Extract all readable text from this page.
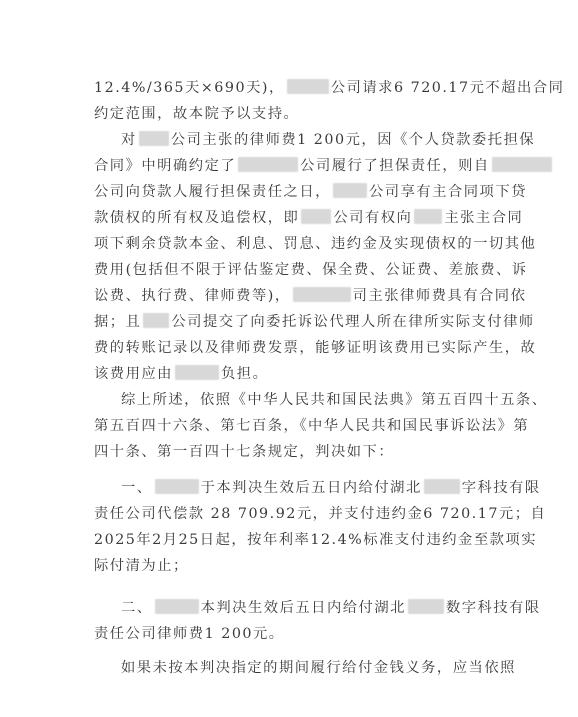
12.4%/365天×690天)，	公司请求6 720.17元不超出合同
约定范围，故本院予以支持。
对 公司主张的律师费1 200元，因《个人贷款委托担保
合同》中明确约定了	公司履行了担保责任，则自
公司向贷款人履行担保责任之日，	公司享有主合同项下贷
款债权的所有权及追偿权，即 公司有权向 主张主合同
项下剩余贷款本金、利息、罚息、违约金及实现债权的一切其他
费用(包括但不限于评估鉴定费、保全费、公证费、差旅费、诉
讼费、执行费、律师费等)，	司主张律师费具有合同依
据；且 公司提交了向委托诉讼代理人所在律所实际支付律师
费的转账记录以及律师费发票，能够证明该费用已实际产生，故
该费用应由	负担。
综上所述，依照《中华人民共和国民法典》第五百四十五条、
第五百四十六条、第七百条，《中华人民共和国民事诉讼法》第
四十条、第一百四十七条规定，判决如下：
一、	于本判决生效后五日内给付湖北	字科技有限
责任公司代偿款 28 709.92元，并支付违约金6 720.17元；自
2025年2月25日起，按年利率12.4%标准支付违约金至款项实
际付清为止；
二、	本判决生效后五日内给付湖北	数字科技有限
责任公司律师费1 200元。
如果未按本判决指定的期间履行给付金钱义务，应当依照
